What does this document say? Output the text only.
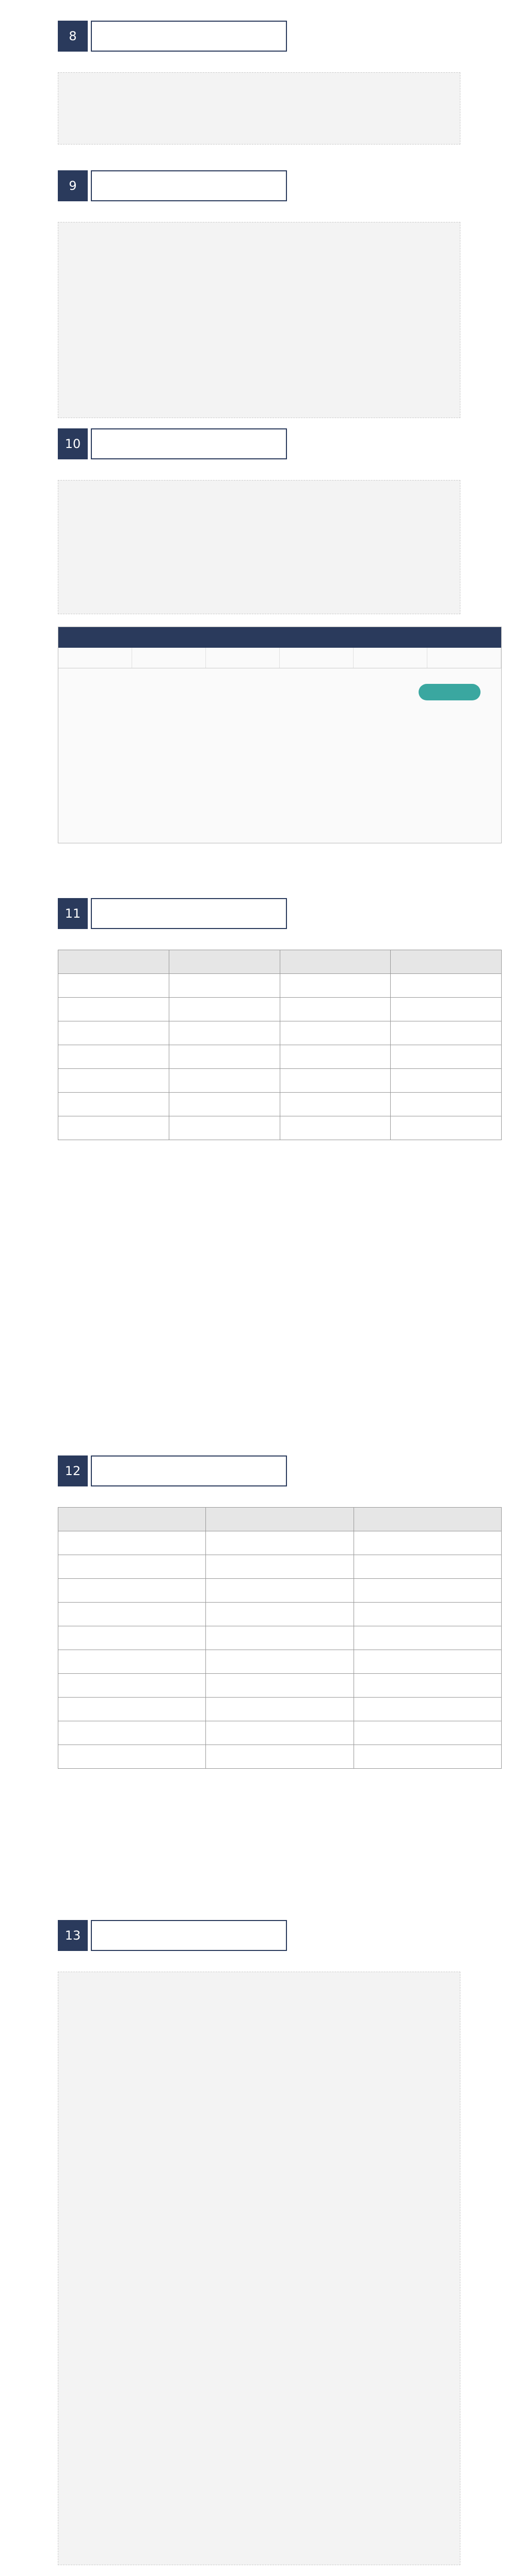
8
9
10
11

12

13
